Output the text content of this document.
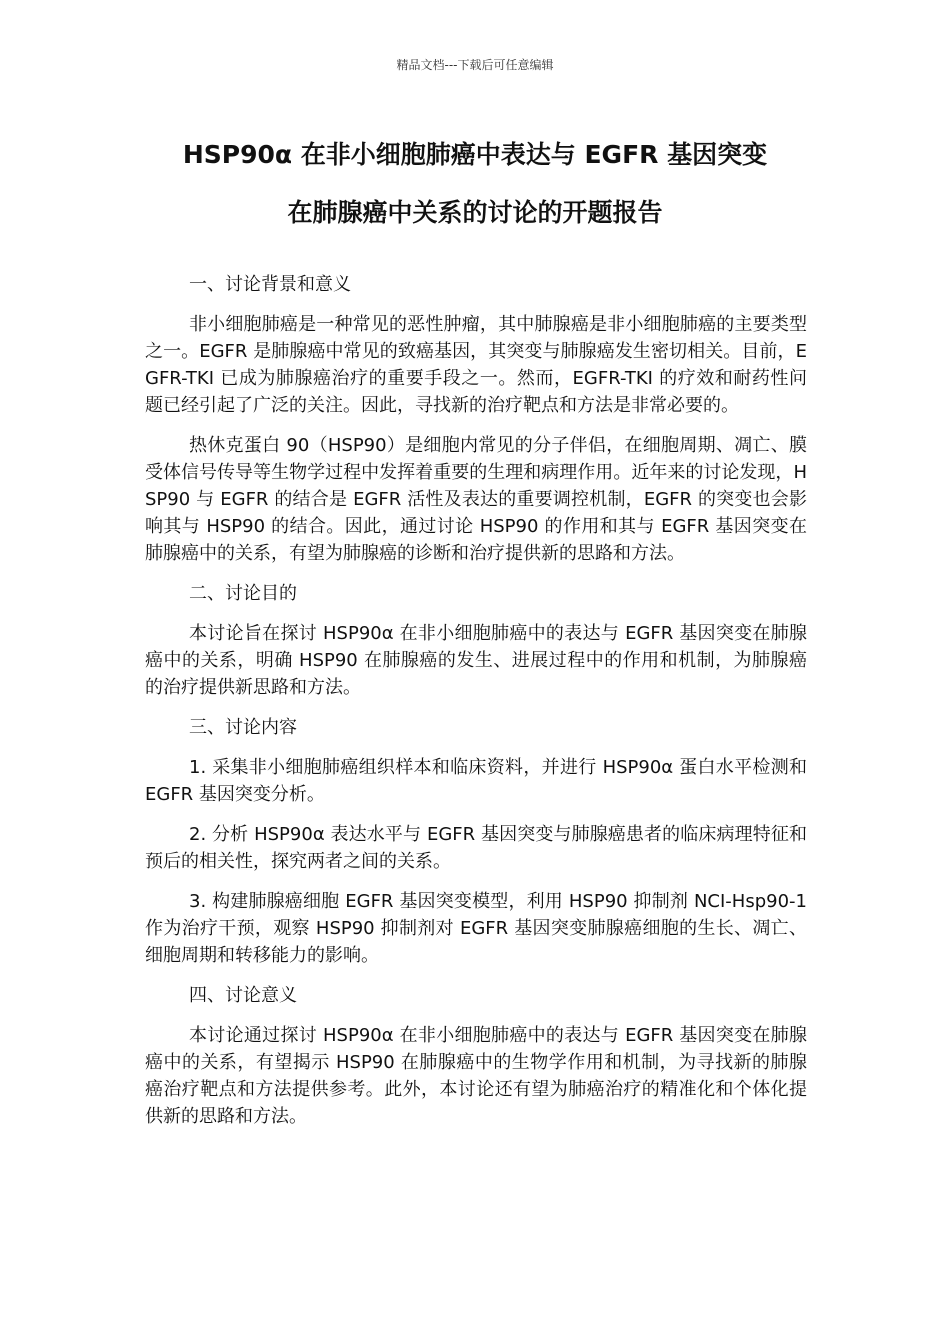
精品文档---下载后可任意编辑
HSP90α 在非小细胞肺癌中表达与 EGFR 基因突变
在肺腺癌中关系的讨论的开题报告

一、讨论背景和意义

非小细胞肺癌是一种常见的恶性肿瘤，其中肺腺癌是非小细胞肺癌的主要类型之一。EGFR 是肺腺癌中常见的致癌基因，其突变与肺腺癌发生密切相关。目前，EGFR-TKI 已成为肺腺癌治疗的重要手段之一。然而，EGFR-TKI 的疗效和耐药性问题已经引起了广泛的关注。因此，寻找新的治疗靶点和方法是非常必要的。

热休克蛋白 90（HSP90）是细胞内常见的分子伴侣，在细胞周期、凋亡、膜受体信号传导等生物学过程中发挥着重要的生理和病理作用。近年来的讨论发现，HSP90 与 EGFR 的结合是 EGFR 活性及表达的重要调控机制，EGFR 的突变也会影响其与 HSP90 的结合。因此，通过讨论 HSP90 的作用和其与 EGFR 基因突变在肺腺癌中的关系，有望为肺腺癌的诊断和治疗提供新的思路和方法。

二、讨论目的

本讨论旨在探讨 HSP90α 在非小细胞肺癌中的表达与 EGFR 基因突变在肺腺癌中的关系，明确 HSP90 在肺腺癌的发生、进展过程中的作用和机制，为肺腺癌的治疗提供新思路和方法。

三、讨论内容

1. 采集非小细胞肺癌组织样本和临床资料，并进行 HSP90α 蛋白水平检测和 EGFR 基因突变分析。

2. 分析 HSP90α 表达水平与 EGFR 基因突变与肺腺癌患者的临床病理特征和预后的相关性，探究两者之间的关系。

3. 构建肺腺癌细胞 EGFR 基因突变模型，利用 HSP90 抑制剂 NCI-Hsp90-1 作为治疗干预，观察 HSP90 抑制剂对 EGFR 基因突变肺腺癌细胞的生长、凋亡、细胞周期和转移能力的影响。

四、讨论意义

本讨论通过探讨 HSP90α 在非小细胞肺癌中的表达与 EGFR 基因突变在肺腺癌中的关系，有望揭示 HSP90 在肺腺癌中的生物学作用和机制，为寻找新的肺腺癌治疗靶点和方法提供参考。此外，本讨论还有望为肺癌治疗的精准化和个体化提供新的思路和方法。
